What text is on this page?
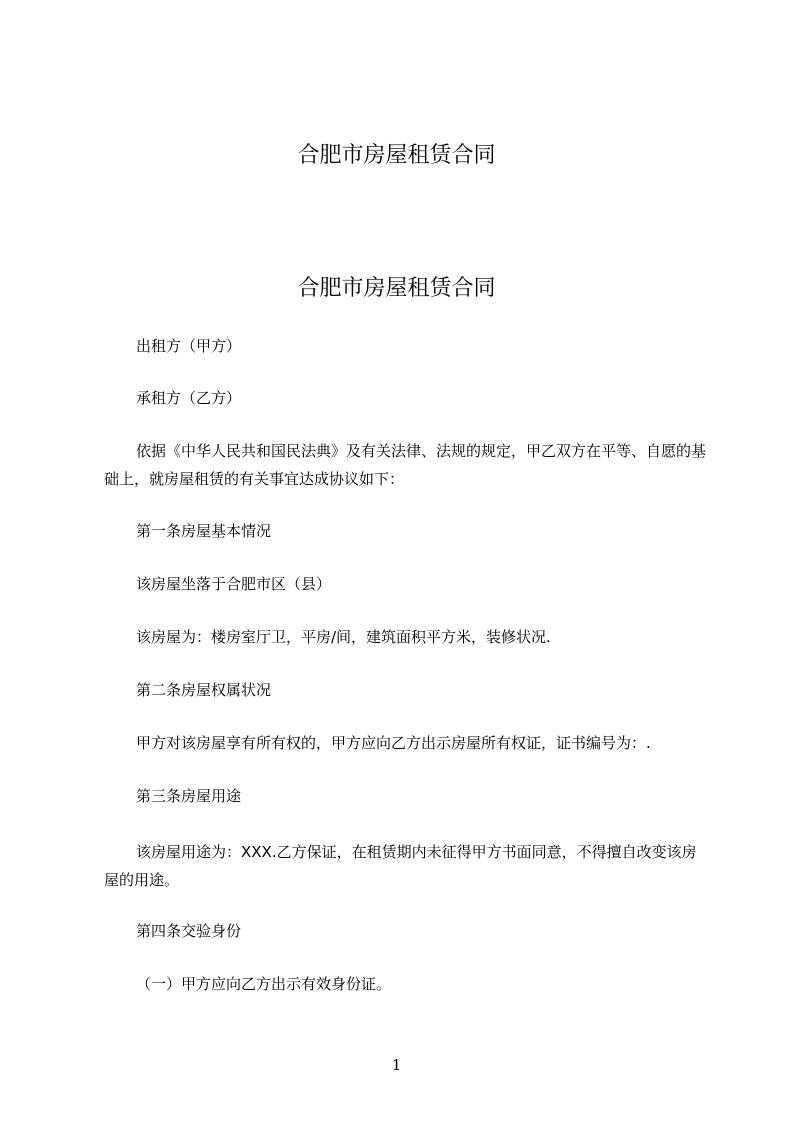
合肥市房屋租赁合同
合肥市房屋租赁合同
出租方（甲方）
承租方（乙方）
依据《中华人民共和国民法典》及有关法律、法规的规定，甲乙双方在平等、自愿的基础上，就房屋租赁的有关事宜达成协议如下：
第一条房屋基本情况
该房屋坐落于合肥市区（县）
该房屋为：楼房室厅卫，平房/间，建筑面积平方米，装修状况.
第二条房屋权属状况
甲方对该房屋享有所有权的，甲方应向乙方出示房屋所有权证，证书编号为：.
第三条房屋用途
该房屋用途为：XXX.乙方保证，在租赁期内未征得甲方书面同意，不得擅自改变该房屋的用途。
第四条交验身份
（一）甲方应向乙方出示有效身份证。
1
